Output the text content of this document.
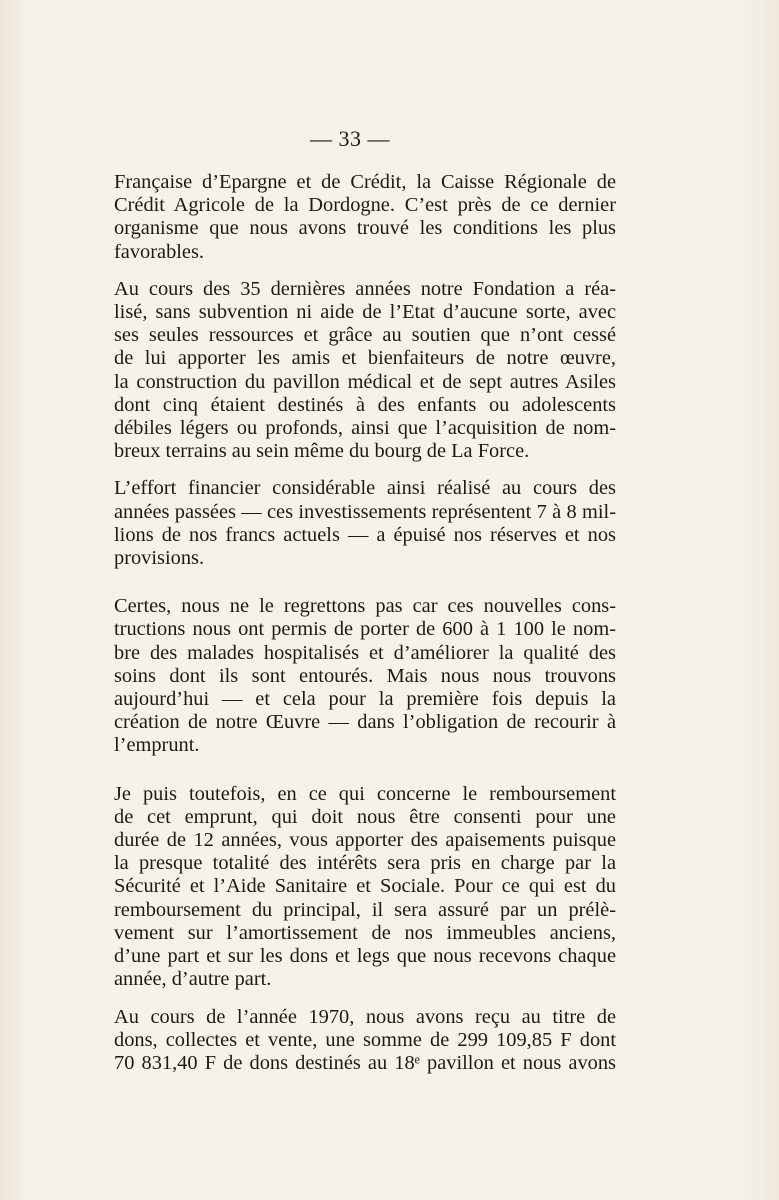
— 33 —
Française d’Epargne et de Crédit, la Caisse Régionale de
Crédit Agricole de la Dordogne. C’est près de ce dernier
organisme que nous avons trouvé les conditions les plus
favorables.
Au cours des 35 dernières années notre Fondation a réa-
lisé, sans subvention ni aide de l’Etat d’aucune sorte, avec
ses seules ressources et grâce au soutien que n’ont cessé
de lui apporter les amis et bienfaiteurs de notre œuvre,
la construction du pavillon médical et de sept autres Asiles
dont cinq étaient destinés à des enfants ou adolescents
débiles légers ou profonds, ainsi que l’acquisition de nom-
breux terrains au sein même du bourg de La Force.
L’effort financier considérable ainsi réalisé au cours des
années passées — ces investissements représentent 7 à 8 mil-
lions de nos francs actuels — a épuisé nos réserves et nos
provisions.
Certes, nous ne le regrettons pas car ces nouvelles cons-
tructions nous ont permis de porter de 600 à 1 100 le nom-
bre des malades hospitalisés et d’améliorer la qualité des
soins dont ils sont entourés. Mais nous nous trouvons
aujourd’hui — et cela pour la première fois depuis la
création de notre Œuvre — dans l’obligation de recourir à
l’emprunt.
Je puis toutefois, en ce qui concerne le remboursement
de cet emprunt, qui doit nous être consenti pour une
durée de 12 années, vous apporter des apaisements puisque
la presque totalité des intérêts sera pris en charge par la
Sécurité et l’Aide Sanitaire et Sociale. Pour ce qui est du
remboursement du principal, il sera assuré par un prélè-
vement sur l’amortissement de nos immeubles anciens,
d’une part et sur les dons et legs que nous recevons chaque
année, d’autre part.
Au cours de l’année 1970, nous avons reçu au titre de
dons, collectes et vente, une somme de 299 109,85 F dont
70 831,40 F de dons destinés au 18ᵉ pavillon et nous avons
